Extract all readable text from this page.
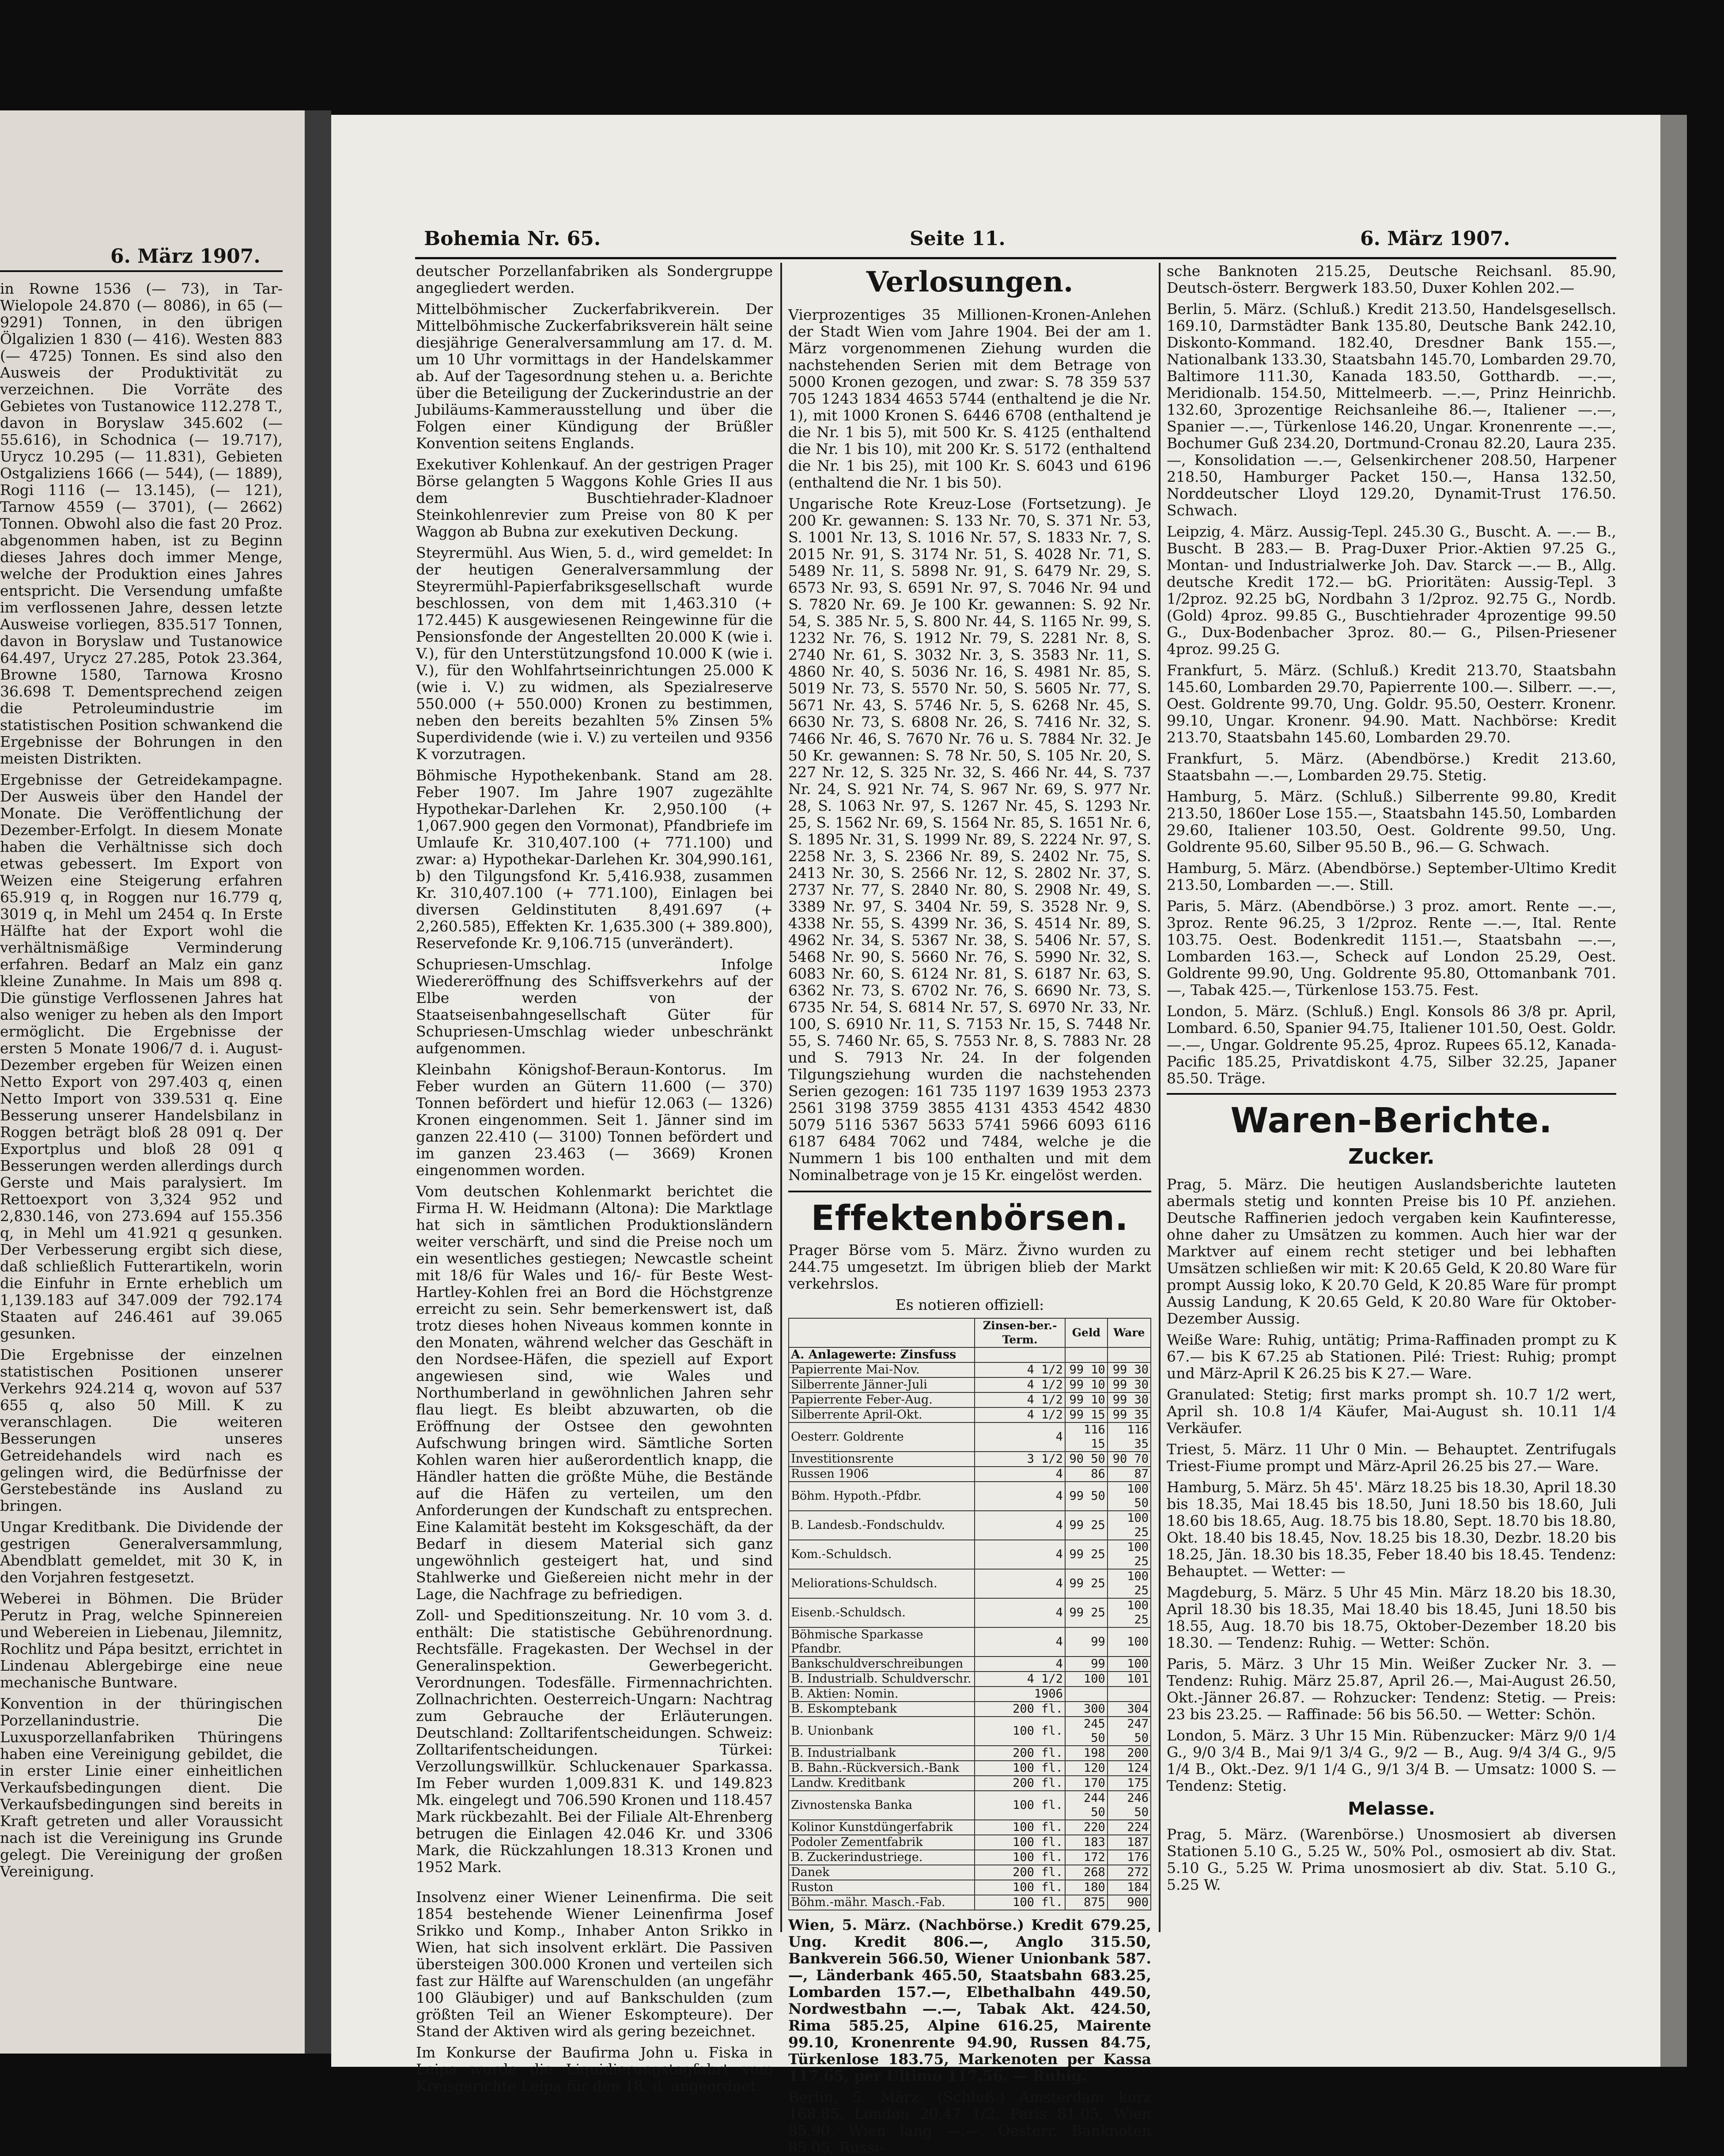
6. März 1907.

in Rowne 1536 (— 73), in Tar- Wielopole 24.870 (— 8086), in 65 (— 9291) Tonnen, in den übrigen Ölgalizien 1 830 (— 416). Westen 883 (— 4725) Tonnen. Es sind also den Ausweis der Produktivität zu verzeichnen. Die Vorräte des Gebietes von Tustanowice 112.278 T., davon in Boryslaw 345.602 (— 55.616), in Schodnica (— 19.717), Urycz 10.295 (— 11.831), Gebieten Ostgaliziens 1666 (— 544), (— 1889), Rogi 1116 (— 13.145), (— 121), Tarnow 4559 (— 3701), (— 2662) Tonnen. Obwohl also die fast 20 Proz. abgenommen haben, ist zu Beginn dieses Jahres doch immer Menge, welche der Produktion eines Jahres entspricht. Die Versendung umfaßte im verflossenen Jahre, dessen letzte Ausweise vorliegen, 835.517 Tonnen, davon in Boryslaw und Tustanowice 64.497, Urycz 27.285, Potok 23.364, Browne 1580, Tarnowa Krosno 36.698 T. Dementsprechend zeigen die Petroleumindustrie im statistischen Position schwankend die Ergebnisse der Bohrungen in den meisten Distrikten.

Ergebnisse der Getreidekampagne. Der Ausweis über den Handel der Monate. Die Veröffentlichung der Dezember-Erfolgt. In diesem Monate haben die Verhältnisse sich doch etwas gebessert. Im Export von Weizen eine Steigerung erfahren 65.919 q, in Roggen nur 16.779 q, 3019 q, in Mehl um 2454 q. In Erste Hälfte hat der Export wohl die verhältnismäßige Verminderung erfahren. Bedarf an Malz ein ganz kleine Zunahme. In Mais um 898 q. Die günstige Verflossenen Jahres hat also weniger zu heben als den Import ermöglicht. Die Ergebnisse der ersten 5 Monate 1906/7 d. i. August-Dezember ergeben für Weizen einen Netto Export von 297.403 q, einen Netto Import von 339.531 q. Eine Besserung unserer Handelsbilanz in Roggen beträgt bloß 28 091 q. Der Exportplus und bloß 28 091 q Besserungen werden allerdings durch Gerste und Mais paralysiert. Im Rettoexport von 3,324 952 und 2,830.146, von 273.694 auf 155.356 q, in Mehl um 41.921 q gesunken. Der Verbesserung ergibt sich diese, daß schließlich Futterartikeln, worin die Einfuhr in Ernte erheblich um 1,139.183 auf 347.009 der 792.174 Staaten auf 246.461 auf 39.065 gesunken.

Die Ergebnisse der einzelnen statistischen Positionen unserer Verkehrs 924.214 q, wovon auf 537 655 q, also 50 Mill. K zu veranschlagen. Die weiteren Besserungen unseres Getreidehandels wird nach es gelingen wird, die Bedürfnisse der Gerstebestände ins Ausland zu bringen.

Ungar Kreditbank. Die Dividende der gestrigen Generalversammlung, Abendblatt gemeldet, mit 30 K, in den Vorjahren festgesetzt.

Weberei in Böhmen. Die Brüder Perutz in Prag, welche Spinnereien und Webereien in Liebenau, Jilemnitz, Rochlitz und Pápa besitzt, errichtet in Lindenau Ablergebirge eine neue mechanische Buntware.

Konvention in der thüringischen Porzellanindustrie. Die Luxusporzellanfabriken Thüringens haben eine Vereinigung gebildet, die in erster Linie einer einheitlichen Verkaufsbedingungen dient. Die Verkaufsbedingungen sind bereits in Kraft getreten und aller Voraussicht nach ist die Vereinigung ins Grunde gelegt. Die Vereinigung der großen Vereinigung.

Bohemia Nr. 65.	Seite 11.	6. März 1907.

deutscher Porzellanfabriken als Sondergruppe angegliedert werden.

Mittelböhmischer Zuckerfabrikverein. Der Mittelböhmische Zuckerfabriksverein hält seine diesjährige Generalversammlung am 17. d. M. um 10 Uhr vormittags in der Handelskammer ab. Auf der Tagesordnung stehen u. a. Berichte über die Beteiligung der Zuckerindustrie an der Jubiläums-Kammerausstellung und über die Folgen einer Kündigung der Brüßler Konvention seitens Englands.

Exekutiver Kohlenkauf. An der gestrigen Prager Börse gelangten 5 Waggons Kohle Gries II aus dem Buschtiehrader-Kladnoer Steinkohlenrevier zum Preise von 80 K per Waggon ab Bubna zur exekutiven Deckung.

Steyrermühl. Aus Wien, 5. d., wird gemeldet: In der heutigen Generalversammlung der Steyrermühl-Papierfabriksgesellschaft wurde beschlossen, von dem mit 1,463.310 (+ 172.445) K ausgewiesenen Reingewinne für die Pensionsfonde der Angestellten 20.000 K (wie i. V.), für den Unterstützungsfond 10.000 K (wie i. V.), für den Wohlfahrtseinrichtungen 25.000 K (wie i. V.) zu widmen, als Spezialreserve 550.000 (+ 550.000) Kronen zu bestimmen, neben den bereits bezahlten 5% Zinsen 5% Superdividende (wie i. V.) zu verteilen und 9356 K vorzutragen.

Böhmische Hypothekenbank. Stand am 28. Feber 1907. Im Jahre 1907 zugezählte Hypothekar-Darlehen Kr. 2,950.100 (+ 1,067.900 gegen den Vormonat), Pfandbriefe im Umlaufe Kr. 310,407.100 (+ 771.100) und zwar: a) Hypothekar-Darlehen Kr. 304,990.161, b) den Tilgungsfond Kr. 5,416.938, zusammen Kr. 310,407.100 (+ 771.100), Einlagen bei diversen Geldinstituten 8,491.697 (+ 2,260.585), Effekten Kr. 1,635.300 (+ 389.800), Reservefonde Kr. 9,106.715 (unverändert).

Schupriesen-Umschlag. Infolge Wiedereröffnung des Schiffsverkehrs auf der Elbe werden von der Staatseisenbahngesellschaft Güter für Schupriesen-Umschlag wieder unbeschränkt aufgenommen.

Kleinbahn Königshof-Beraun-Kontorus. Im Feber wurden an Gütern 11.600 (— 370) Tonnen befördert und hiefür 12.063 (— 1326) Kronen eingenommen. Seit 1. Jänner sind im ganzen 22.410 (— 3100) Tonnen befördert und im ganzen 23.463 (— 3669) Kronen eingenommen worden.

Vom deutschen Kohlenmarkt berichtet die Firma H. W. Heidmann (Altona): Die Marktlage hat sich in sämtlichen Produktionsländern weiter verschärft, und sind die Preise noch um ein wesentliches gestiegen; Newcastle scheint mit 18/6 für Wales und 16/- für Beste West-Hartley-Kohlen frei an Bord die Höchstgrenze erreicht zu sein. Sehr bemerkenswert ist, daß trotz dieses hohen Niveaus kommen konnte in den Monaten, während welcher das Geschäft in den Nordsee-Häfen, die speziell auf Export angewiesen sind, wie Wales und Northumberland in gewöhnlichen Jahren sehr flau liegt. Es bleibt abzuwarten, ob die Eröffnung der Ostsee den gewohnten Aufschwung bringen wird. Sämtliche Sorten Kohlen waren hier außerordentlich knapp, die Händler hatten die größte Mühe, die Bestände auf die Häfen zu verteilen, um den Anforderungen der Kundschaft zu entsprechen. Eine Kalamität besteht im Koksgeschäft, da der Bedarf in diesem Material sich ganz ungewöhnlich gesteigert hat, und sind Stahlwerke und Gießereien nicht mehr in der Lage, die Nachfrage zu befriedigen.

Zoll- und Speditionszeitung. Nr. 10 vom 3. d. enthält: Die statistische Gebührenordnung. Rechtsfälle. Fragekasten. Der Wechsel in der Generalinspektion. Gewerbegericht. Verordnungen. Todesfälle. Firmennachrichten. Zollnachrichten. Oesterreich-Ungarn: Nachtrag zum Gebrauche der Erläuterungen. Deutschland: Zolltarifentscheidungen. Schweiz: Zolltarifentscheidungen. Türkei: Verzollungswillkür. Schluckenauer Sparkassa. Im Feber wurden 1,009.831 K. und 149.823 Mk. eingelegt und 706.590 Kronen und 118.457 Mark rückbezahlt. Bei der Filiale Alt-Ehrenberg betrugen die Einlagen 42.046 Kr. und 3306 Mark, die Rückzahlungen 18.313 Kronen und 1952 Mark.

Insolvenz einer Wiener Leinenfirma. Die seit 1854 bestehende Wiener Leinenfirma Josef Srikko und Komp., Inhaber Anton Srikko in Wien, hat sich insolvent erklärt. Die Passiven übersteigen 300.000 Kronen und verteilen sich fast zur Hälfte auf Warenschulden (an ungefähr 100 Gläubiger) und auf Bankschulden (zum größten Teil an Wiener Eskompteure). Der Stand der Aktiven wird als gering bezeichnet.

Im Konkurse der Baufirma John u. Fiska in Leipa wurde die Liquidierungstagfahrt vom Kreisgerichte Leipa für den 18. d. angeordnet.

Verlosungen.

Vierprozentiges 35 Millionen-Kronen-Anlehen der Stadt Wien vom Jahre 1904. Bei der am 1. März vorgenommenen Ziehung wurden die nachstehenden Serien mit dem Betrage von 5000 Kronen gezogen, und zwar: S. 78 359 537 705 1243 1834 4653 5744 (enthaltend je die Nr. 1), mit 1000 Kronen S. 6446 6708 (enthaltend je die Nr. 1 bis 5), mit 500 Kr. S. 4125 (enthaltend die Nr. 1 bis 10), mit 200 Kr. S. 5172 (enthaltend die Nr. 1 bis 25), mit 100 Kr. S. 6043 und 6196 (enthaltend die Nr. 1 bis 50).

Ungarische Rote Kreuz-Lose (Fortsetzung). Je 200 Kr. gewannen: S. 133 Nr. 70, S. 371 Nr. 53, S. 1001 Nr. 13, S. 1016 Nr. 57, S. 1833 Nr. 7, S. 2015 Nr. 91, S. 3174 Nr. 51, S. 4028 Nr. 71, S. 5489 Nr. 11, S. 5898 Nr. 91, S. 6479 Nr. 29, S. 6573 Nr. 93, S. 6591 Nr. 97, S. 7046 Nr. 94 und S. 7820 Nr. 69. Je 100 Kr. gewannen: S. 92 Nr. 54, S. 385 Nr. 5, S. 800 Nr. 44, S. 1165 Nr. 99, S. 1232 Nr. 76, S. 1912 Nr. 79, S. 2281 Nr. 8, S. 2740 Nr. 61, S. 3032 Nr. 3, S. 3583 Nr. 11, S. 4860 Nr. 40, S. 5036 Nr. 16, S. 4981 Nr. 85, S. 5019 Nr. 73, S. 5570 Nr. 50, S. 5605 Nr. 77, S. 5671 Nr. 43, S. 5746 Nr. 5, S. 6268 Nr. 45, S. 6630 Nr. 73, S. 6808 Nr. 26, S. 7416 Nr. 32, S. 7466 Nr. 46, S. 7670 Nr. 76 u. S. 7884 Nr. 32. Je 50 Kr. gewannen: S. 78 Nr. 50, S. 105 Nr. 20, S. 227 Nr. 12, S. 325 Nr. 32, S. 466 Nr. 44, S. 737 Nr. 24, S. 921 Nr. 74, S. 967 Nr. 69, S. 977 Nr. 28, S. 1063 Nr. 97, S. 1267 Nr. 45, S. 1293 Nr. 25, S. 1562 Nr. 69, S. 1564 Nr. 85, S. 1651 Nr. 6, S. 1895 Nr. 31, S. 1999 Nr. 89, S. 2224 Nr. 97, S. 2258 Nr. 3, S. 2366 Nr. 89, S. 2402 Nr. 75, S. 2413 Nr. 30, S. 2566 Nr. 12, S. 2802 Nr. 37, S. 2737 Nr. 77, S. 2840 Nr. 80, S. 2908 Nr. 49, S. 3389 Nr. 97, S. 3404 Nr. 59, S. 3528 Nr. 9, S. 4338 Nr. 55, S. 4399 Nr. 36, S. 4514 Nr. 89, S. 4962 Nr. 34, S. 5367 Nr. 38, S. 5406 Nr. 57, S. 5468 Nr. 90, S. 5660 Nr. 76, S. 5990 Nr. 32, S. 6083 Nr. 60, S. 6124 Nr. 81, S. 6187 Nr. 63, S. 6362 Nr. 73, S. 6702 Nr. 76, S. 6690 Nr. 73, S. 6735 Nr. 54, S. 6814 Nr. 57, S. 6970 Nr. 33, Nr. 100, S. 6910 Nr. 11, S. 7153 Nr. 15, S. 7448 Nr. 55, S. 7460 Nr. 65, S. 7553 Nr. 8, S. 7883 Nr. 28 und S. 7913 Nr. 24. In der folgenden Tilgungsziehung wurden die nachstehenden Serien gezogen: 161 735 1197 1639 1953 2373 2561 3198 3759 3855 4131 4353 4542 4830 5079 5116 5367 5633 5741 5966 6093 6116 6187 6484 7062 und 7484, welche je die Nummern 1 bis 100 enthalten und mit dem Nominalbetrage von je 15 Kr. eingelöst werden.

Effektenbörsen.

Prager Börse vom 5. März. Živno wurden zu 244.75 umgesetzt. Im übrigen blieb der Markt verkehrslos.

Es notieren offiziell:

	Zinsen-ber.-Term.	Geld	Ware
A. Anlagewerte: Zinsfuss			
Papierrente Mai-Nov.	4 1/2	99 10	99 30
Silberrente Jänner-Juli	4 1/2	99 10	99 30
Papierrente Feber-Aug.	4 1/2	99 10	99 30
Silberrente April-Okt.	4 1/2	99 15	99 35
Oesterr. Goldrente	4	116 15	116 35
Investitionsrente	3 1/2	90 50	90 70
Russen 1906	4	86	87
Böhm. Hypoth.-Pfdbr.	4	99 50	100 50
B. Landesb.-Fondschuldv.	4	99 25	100 25
Kom.-Schuldsch.	4	99 25	100 25
Meliorations-Schuldsch.	4	99 25	100 25
Eisenb.-Schuldsch.	4	99 25	100 25
Böhmische Sparkasse Pfandbr.	4	99	100
Bankschuldverschreibungen	4	99	100
B. Industrialb. Schuldverschr.	4 1/2	100	101
B. Aktien: Nomin.	1906		
B. Eskomptebank	200 fl.	300	304
B. Unionbank	100 fl.	245 50	247 50
B. Industrialbank	200 fl.	198	200
B. Bahn.-Rückversich.-Bank	100 fl.	120	124
Landw. Kreditbank	200 fl.	170	175
Zivnostenska Banka	100 fl.	244 50	246 50
Kolinor Kunstdüngerfabrik	100 fl.	220	224
Podoler Zementfabrik	100 fl.	183	187
B. Zuckerindustriege.	100 fl.	172	176
Danek	200 fl.	268	272
Ruston	100 fl.	180	184
Böhm.-mähr. Masch.-Fab.	100 fl.	875	900

Wien, 5. März. (Nachbörse.) Kredit 679.25, Ung. Kredit 806.—, Anglo 315.50, Bankverein 566.50, Wiener Unionbank 587.—, Länderbank 465.50, Staatsbahn 683.25, Lombarden 157.—, Elbethalbahn 449.50, Nordwestbahn —.—, Tabak Akt. 424.50, Rima 585.25, Alpine 616.25, Mairente 99.10, Kronenrente 94.90, Russen 84.75, Türkenlose 183.75, Markenoten per Kassa 117.65, per Ultimo 117.56. — Ruhig.

Berlin, 5. März. (Schluß.) Amsterdam kurz 168.85, London 20.47 1/2, Paris 81.05, Wien 85.90, Wien lang —.—, Oesterr. Banknoten 85.05, Russi-

sche Banknoten 215.25, Deutsche Reichsanl. 85.90, Deutsch-österr. Bergwerk 183.50, Duxer Kohlen 202.—

Berlin, 5. März. (Schluß.) Kredit 213.50, Handelsgesellsch. 169.10, Darmstädter Bank 135.80, Deutsche Bank 242.10, Diskonto-Kommand. 182.40, Dresdner Bank 155.—, Nationalbank 133.30, Staatsbahn 145.70, Lombarden 29.70, Baltimore 111.30, Kanada 183.50, Gotthardb. —.—, Meridionalb. 154.50, Mittelmeerb. —.—, Prinz Heinrichb. 132.60, 3prozentige Reichsanleihe 86.—, Italiener —.—, Spanier —.—, Türkenlose 146.20, Ungar. Kronenrente —.—, Bochumer Guß 234.20, Dortmund-Cronau 82.20, Laura 235.—, Konsolidation —.—, Gelsenkirchener 208.50, Harpener 218.50, Hamburger Packet 150.—, Hansa 132.50, Norddeutscher Lloyd 129.20, Dynamit-Trust 176.50. Schwach.

Leipzig, 4. März. Aussig-Tepl. 245.30 G., Buscht. A. —.— B., Buscht. B 283.— B. Prag-Duxer Prior.-Aktien 97.25 G., Montan- und Industrialwerke Joh. Dav. Starck —.— B., Allg. deutsche Kredit 172.— bG. Prioritäten: Aussig-Tepl. 3 1/2proz. 92.25 bG, Nordbahn 3 1/2proz. 92.75 G., Nordb. (Gold) 4proz. 99.85 G., Buschtiehrader 4prozentige 99.50 G., Dux-Bodenbacher 3proz. 80.— G., Pilsen-Priesener 4proz. 99.25 G.

Frankfurt, 5. März. (Schluß.) Kredit 213.70, Staatsbahn 145.60, Lombarden 29.70, Papierrente 100.—. Silberr. —.—, Oest. Goldrente 99.70, Ung. Goldr. 95.50, Oesterr. Kronenr. 99.10, Ungar. Kronenr. 94.90. Matt. Nachbörse: Kredit 213.70, Staatsbahn 145.60, Lombarden 29.70.

Frankfurt, 5. März. (Abendbörse.) Kredit 213.60, Staatsbahn —.—, Lombarden 29.75. Stetig.

Hamburg, 5. März. (Schluß.) Silberrente 99.80, Kredit 213.50, 1860er Lose 155.—, Staatsbahn 145.50, Lombarden 29.60, Italiener 103.50, Oest. Goldrente 99.50, Ung. Goldrente 95.60, Silber 95.50 B., 96.— G. Schwach.

Hamburg, 5. März. (Abendbörse.) September-Ultimo Kredit 213.50, Lombarden —.—. Still.

Paris, 5. März. (Abendbörse.) 3 proz. amort. Rente —.—, 3proz. Rente 96.25, 3 1/2proz. Rente —.—, Ital. Rente 103.75. Oest. Bodenkredit 1151.—, Staatsbahn —.—, Lombarden 163.—, Scheck auf London 25.29, Oest. Goldrente 99.90, Ung. Goldrente 95.80, Ottomanbank 701.—, Tabak 425.—, Türkenlose 153.75. Fest.

London, 5. März. (Schluß.) Engl. Konsols 86 3/8 pr. April, Lombard. 6.50, Spanier 94.75, Italiener 101.50, Oest. Goldr. —.—, Ungar. Goldrente 95.25, 4proz. Rupees 65.12, Kanada-Pacific 185.25, Privatdiskont 4.75, Silber 32.25, Japaner 85.50. Träge.

Waren-Berichte.
Zucker.

Prag, 5. März. Die heutigen Auslandsberichte lauteten abermals stetig und konnten Preise bis 10 Pf. anziehen. Deutsche Raffinerien jedoch vergaben kein Kaufinteresse, ohne daher zu Umsätzen zu kommen. Auch hier war der Marktver auf einem recht stetiger und bei lebhaften Umsätzen schließen wir mit: K 20.65 Geld, K 20.80 Ware für prompt Aussig loko, K 20.70 Geld, K 20.85 Ware für prompt Aussig Landung, K 20.65 Geld, K 20.80 Ware für Oktober-Dezember Aussig.

Weiße Ware: Ruhig, untätig; Prima-Raffinaden prompt zu K 67.— bis K 67.25 ab Stationen. Pilé: Triest: Ruhig; prompt und März-April K 26.25 bis K 27.— Ware.

Granulated: Stetig; first marks prompt sh. 10.7 1/2 wert, April sh. 10.8 1/4 Käufer, Mai-August sh. 10.11 1/4 Verkäufer.

Triest, 5. März. 11 Uhr 0 Min. — Behauptet. Zentrifugals Triest-Fiume prompt und März-April 26.25 bis 27.— Ware.

Hamburg, 5. März. 5h 45'. März 18.25 bis 18.30, April 18.30 bis 18.35, Mai 18.45 bis 18.50, Juni 18.50 bis 18.60, Juli 18.60 bis 18.65, Aug. 18.75 bis 18.80, Sept. 18.70 bis 18.80, Okt. 18.40 bis 18.45, Nov. 18.25 bis 18.30, Dezbr. 18.20 bis 18.25, Jän. 18.30 bis 18.35, Feber 18.40 bis 18.45. Tendenz: Behauptet. — Wetter: —

Magdeburg, 5. März. 5 Uhr 45 Min. März 18.20 bis 18.30, April 18.30 bis 18.35, Mai 18.40 bis 18.45, Juni 18.50 bis 18.55, Aug. 18.70 bis 18.75, Oktober-Dezember 18.20 bis 18.30. — Tendenz: Ruhig. — Wetter: Schön.

Paris, 5. März. 3 Uhr 15 Min. Weißer Zucker Nr. 3. — Tendenz: Ruhig. März 25.87, April 26.—, Mai-August 26.50, Okt.-Jänner 26.87. — Rohzucker: Tendenz: Stetig. — Preis: 23 bis 23.25. — Raffinade: 56 bis 56.50. — Wetter: Schön.

London, 5. März. 3 Uhr 15 Min. Rübenzucker: März 9/0 1/4 G., 9/0 3/4 B., Mai 9/1 3/4 G., 9/2 — B., Aug. 9/4 3/4 G., 9/5 1/4 B., Okt.-Dez. 9/1 1/4 G., 9/1 3/4 B. — Umsatz: 1000 S. — Tendenz: Stetig.

Melasse.

Prag, 5. März. (Warenbörse.) Unosmosiert ab diversen Stationen 5.10 G., 5.25 W., 50% Pol., osmosiert ab div. Stat. 5.10 G., 5.25 W. Prima unosmosiert ab div. Stat. 5.10 G., 5.25 W.
